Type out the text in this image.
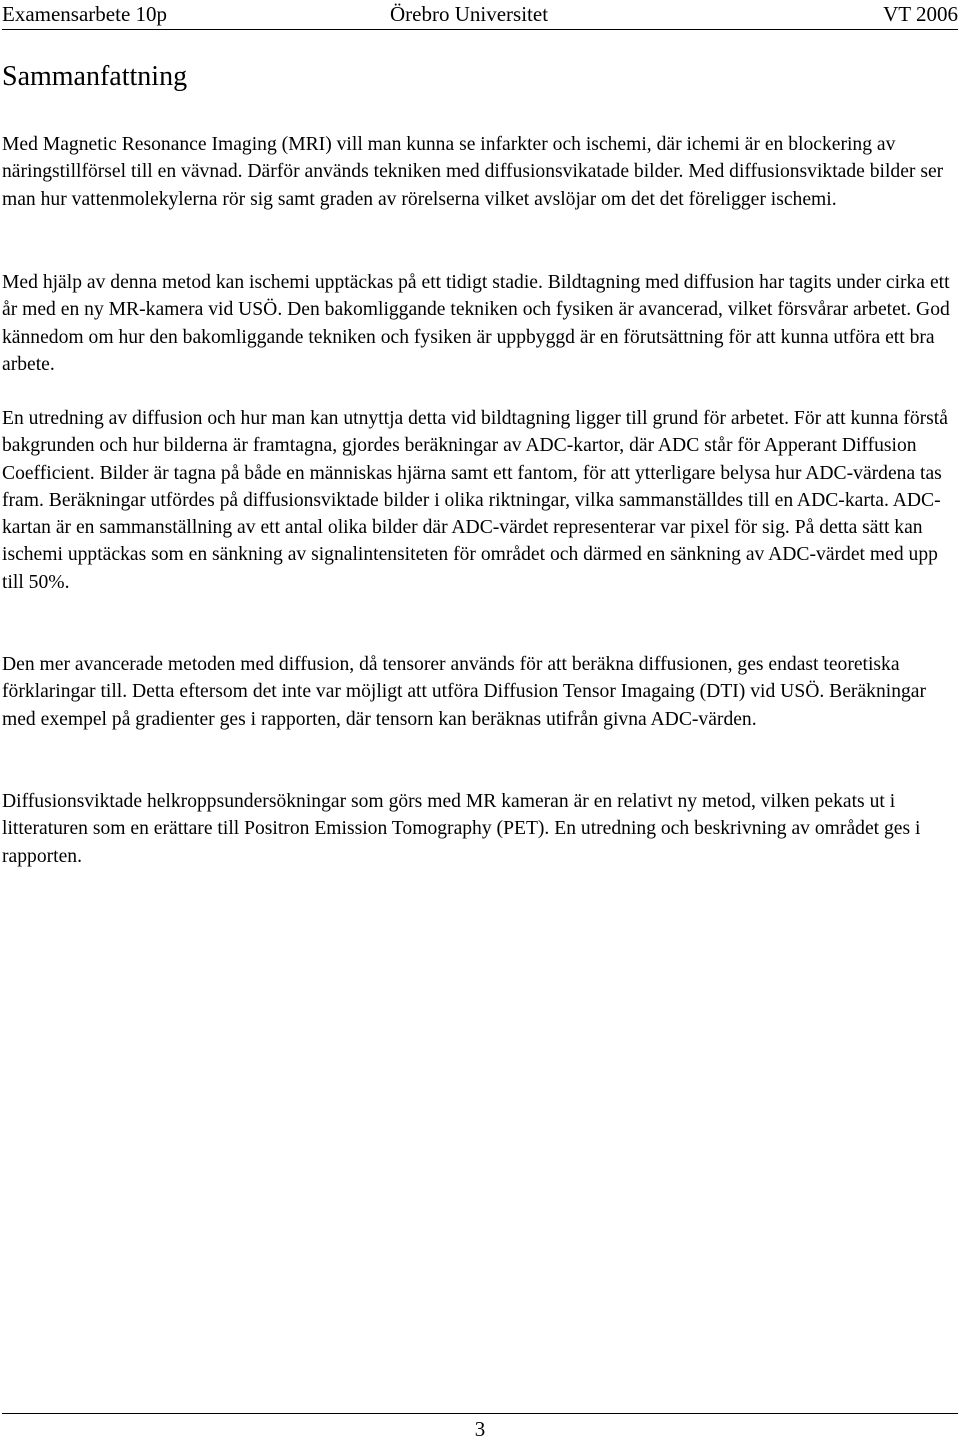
Examensarbete 10p	Örebro Universitet	VT 2006
Sammanfattning

Med Magnetic Resonance Imaging (MRI) vill man kunna se infarkter och ischemi, där ichemi är en blockering av näringstillförsel till en vävnad. Därför används tekniken med diffusionsvikatade bilder. Med diffusionsviktade bilder ser man hur vattenmolekylerna rör sig samt graden av rörelserna vilket avslöjar om det det föreligger ischemi.

Med hjälp av denna metod kan ischemi upptäckas på ett tidigt stadie. Bildtagning med diffusion har tagits under cirka ett år med en ny MR-kamera vid USÖ. Den bakomliggande tekniken och fysiken är avancerad, vilket försvårar arbetet. God kännedom om hur den bakomliggande tekniken och fysiken är uppbyggd är en förutsättning för att kunna utföra ett bra arbete.

En utredning av diffusion och hur man kan utnyttja detta vid bildtagning ligger till grund för arbetet. För att kunna förstå bakgrunden och hur bilderna är framtagna, gjordes beräkningar av ADC-kartor, där ADC står för Apperant Diffusion Coefficient. Bilder är tagna på både en människas hjärna samt ett fantom, för att ytterligare belysa hur ADC-värdena tas fram. Beräkningar utfördes på diffusionsviktade bilder i olika riktningar, vilka sammanställdes till en ADC-karta. ADC-kartan är en sammanställning av ett antal olika bilder där ADC-värdet representerar var pixel för sig. På detta sätt kan ischemi upptäckas som en sänkning av signalintensiteten för området och därmed en sänkning av ADC-värdet med upp till 50%.

Den mer avancerade metoden med diffusion, då tensorer används för att beräkna diffusionen, ges endast teoretiska förklaringar till. Detta eftersom det inte var möjligt att utföra Diffusion Tensor Imagaing (DTI) vid USÖ. Beräkningar med exempel på gradienter ges i rapporten, där tensorn kan beräknas utifrån givna ADC-värden.

Diffusionsviktade helkroppsundersökningar som görs med MR kameran är en relativt ny metod, vilken pekats ut i litteraturen som en erättare till Positron Emission Tomography (PET). En utredning och beskrivning av området ges i rapporten.

3
